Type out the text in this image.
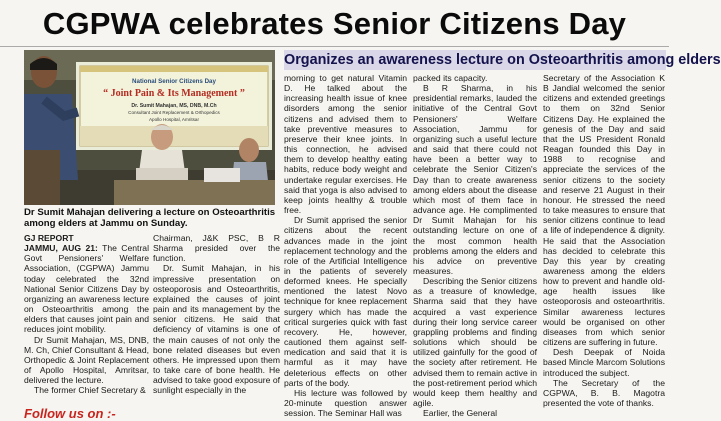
CGPWA celebrates Senior Citizens Day
National Senior Citizens Day
“ Joint Pain & Its Management ”
Dr. Sumit Mahajan, MS, DNB, M.Ch
Consultant Joint Replacement & Orthopedics
Apollo Hospital, Amritsar
Dr Sumit Mahajan delivering a lecture on Osteoarthritis among elders at Jammu on Sunday.
Organizes an awareness lecture on Osteoarthritis among elders

GJ REPORT
JAMMU, AUG 21: The Central Govt Pensioners' Welfare Association, (CGPWA) Jammu today celebrated the 32nd National Senior Citizens Day by organizing an awareness lecture on Osteoarthritis among the elders that causes joint pain and reduces joint mobility.

Dr Sumit Mahajan, MS, DNB, M. Ch, Chief Consultant & Head, Orthopedic & Joint Replacement of Apollo Hospital, Amritsar, delivered the lecture.

The former Chief Secretary &

Chairman, J&K PSC, B R Sharma presided over the function.

Dr. Sumit Mahajan, in his impressive presentation on osteoporosis and Osteoarthritis, explained the causes of joint pain and its management by the senior citizens. He said that deficiency of vitamins is one of the main causes of not only the bone related diseases but even others. He impressed upon them to take care of bone health. He advised to take good exposure of sunlight especially in the

morning to get natural Vitamin D. He talked about the increasing health issue of knee disorders among the senior citizens and advised them to take preventive measures to preserve their knee joints. In this connection, he advised them to develop healthy eating habits, reduce body weight and undertake regular exercises. He said that yoga is also advised to keep joints healthy & trouble free.

Dr Sumit apprised the senior citizens about the recent advances made in the joint replacement technology and the role of the Artificial Intelligence in the patients of severely deformed knees. He specially mentioned the latest Novo technique for knee replacement surgery which has made the critical surgeries quick with fast recovery. He, however, cautioned them against self- medication and said that it is harmful as it may have deleterious effects on other parts of the body.

His lecture was followed by 20-minute question answer session. The Seminar Hall was

packed its capacity.

B R Sharma, in his presidential remarks, lauded the initiative of the Central Govt Pensioners' Welfare Association, Jammu for organizing such a useful lecture and said that there could not have been a better way to celebrate the Senior Citizen's Day than to create awareness among elders about the disease which most of them face in advance age. He complimented Dr Sumit Mahajan for his outstanding lecture on one of the most common health problems among the elders and his advice on preventive measures.

Describing the Senior citizens as a treasure of knowledge, Sharma said that they have acquired a vast experience during their long service career grappling problems and finding solutions which should be utilized gainfully for the good of the society after retirement. He advised them to remain active in the post-retirement period which would keep them healthy and agile.

Earlier, the General

Secretary of the Association K B Jandial welcomed the senior citizens and extended greetings to them on 32nd Senior Citizens Day. He explained the genesis of the Day and said that the US President Ronald Reagan founded this Day in 1988 to recognise and appreciate the services of the senior citizens to the society and reserve 21 August in their honour. He stressed the need to take measures to ensure that senior citizens continue to lead a life of independence & dignity. He said that the Association has decided to celebrate this Day this year by creating awareness among the elders how to prevent and handle old-age health issues like osteoporosis and osteoarthritis. Similar awareness lectures would be organised on other diseases from which senior citizens are suffering in future.

Desh Deepak of Noida based Mincle Marcom Solutions introduced the subject.

The Secretary of the CGPWA, B. B. Magotra presented the vote of thanks.

Follow us on :-
